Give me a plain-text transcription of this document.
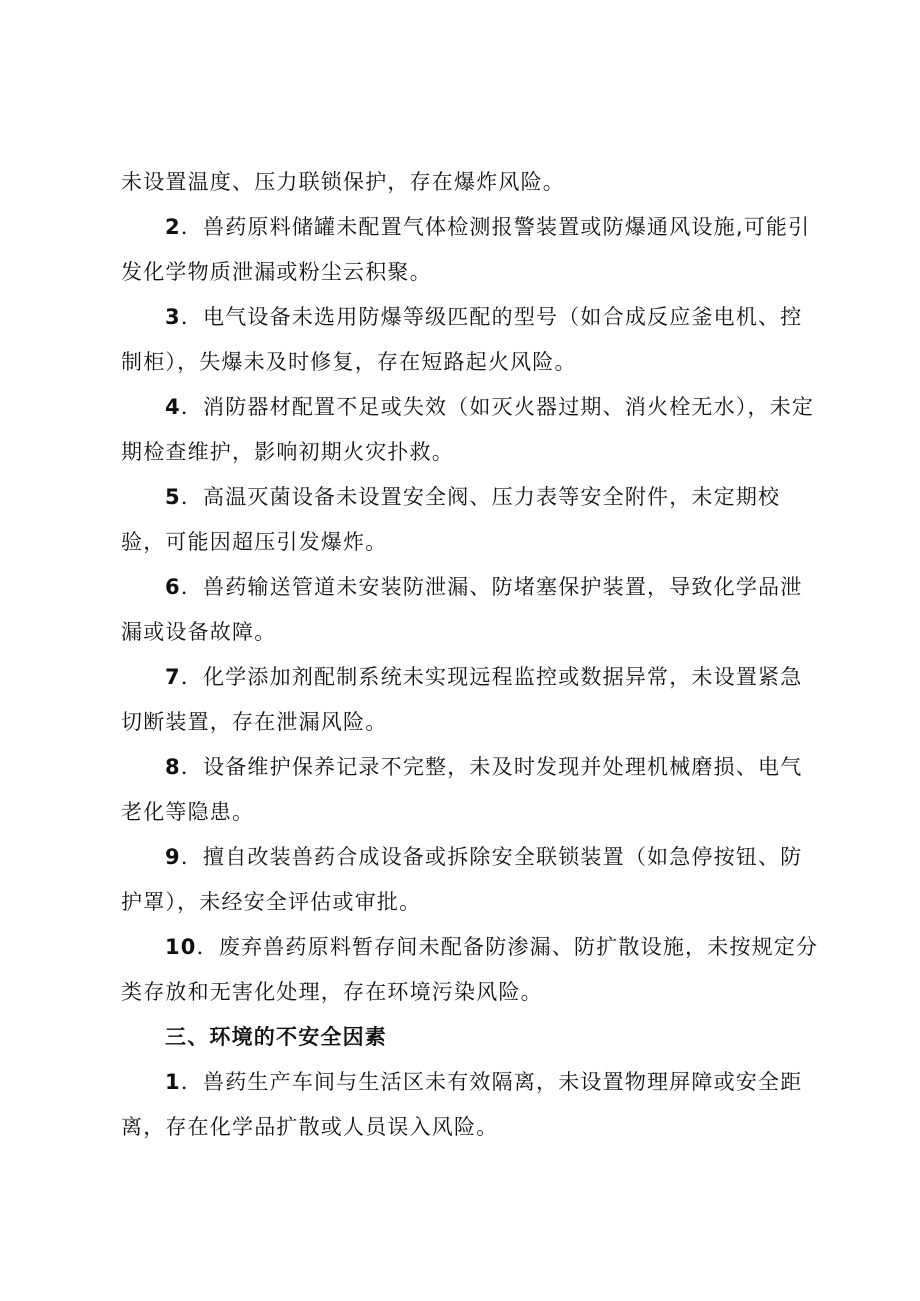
未设置温度、压力联锁保护，存在爆炸风险。

2．兽药原料储罐未配置气体检测报警装置或防爆通风设施,可能引发化学物质泄漏或粉尘云积聚。

3．电气设备未选用防爆等级匹配的型号（如合成反应釜电机、控制柜），失爆未及时修复，存在短路起火风险。

4．消防器材配置不足或失效（如灭火器过期、消火栓无水），未定期检查维护，影响初期火灾扑救。

5．高温灭菌设备未设置安全阀、压力表等安全附件，未定期校验，可能因超压引发爆炸。

6．兽药输送管道未安装防泄漏、防堵塞保护装置，导致化学品泄漏或设备故障。

7．化学添加剂配制系统未实现远程监控或数据异常，未设置紧急切断装置，存在泄漏风险。

8．设备维护保养记录不完整，未及时发现并处理机械磨损、电气老化等隐患。

9．擅自改装兽药合成设备或拆除安全联锁装置（如急停按钮、防护罩），未经安全评估或审批。

10．废弃兽药原料暂存间未配备防渗漏、防扩散设施，未按规定分类存放和无害化处理，存在环境污染风险。

三、环境的不安全因素

1．兽药生产车间与生活区未有效隔离，未设置物理屏障或安全距离，存在化学品扩散或人员误入风险。
